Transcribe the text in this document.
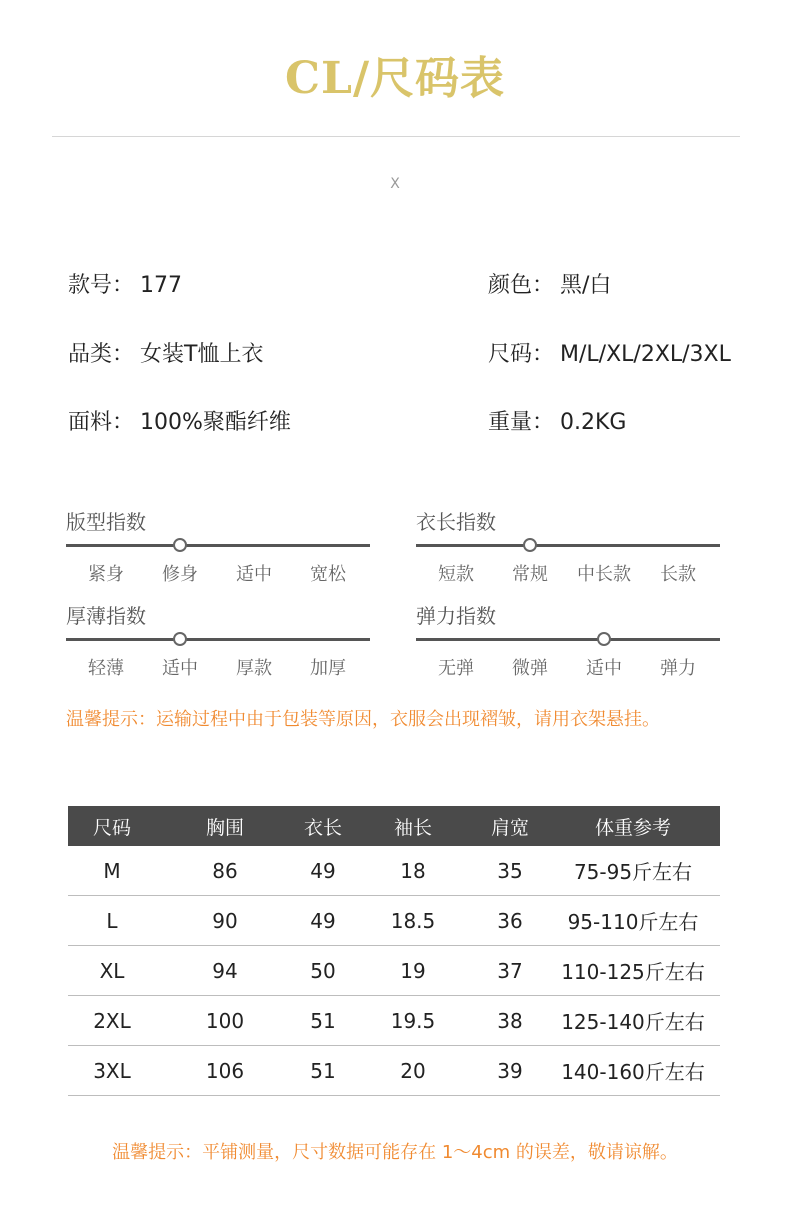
CL/尺码表
X
款号： 177	颜色： 黑/白
品类： 女装T恤上衣	尺码： M/L/XL/2XL/3XL
面料： 100%聚酯纤维	重量： 0.2KG
版型指数
紧身	修身	适中	宽松
衣长指数
短款	常规	中长款	长款
厚薄指数
轻薄	适中	厚款	加厚
弹力指数
无弹	微弹	适中	弹力
温馨提示：运输过程中由于包装等原因，衣服会出现褶皱，请用衣架悬挂。
尺码	胸围	衣长	袖长	肩宽	体重参考
M	86	49	18	35	75-95斤左右
L	90	49	18.5	36	95-110斤左右
XL	94	50	19	37	110-125斤左右
2XL	100	51	19.5	38	125-140斤左右
3XL	106	51	20	39	140-160斤左右
温馨提示：平铺测量，尺寸数据可能存在 1～4cm 的误差，敬请谅解。
